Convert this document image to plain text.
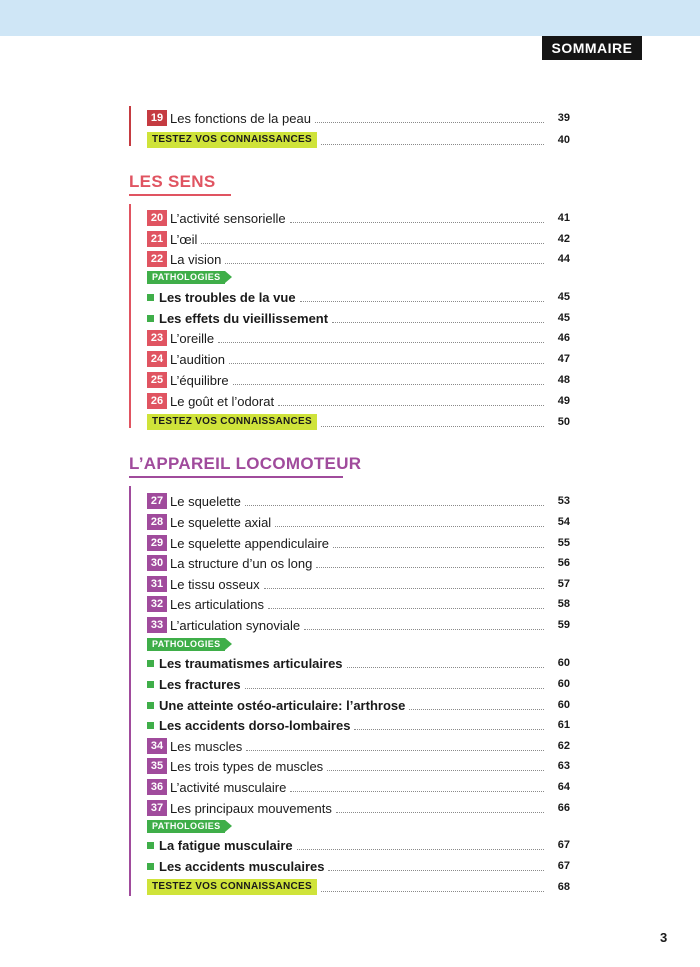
SOMMAIRE
19 Les fonctions de la peau	39
TESTEZ VOS CONNAISSANCES	40
LES SENS
20 L’activité sensorielle	41
21 L’œil	42
22 La vision	44
PATHOLOGIES
Les troubles de la vue	45
Les effets du vieillissement	45
23 L’oreille	46
24 L’audition	47
25 L’équilibre	48
26 Le goût et l’odorat	49
TESTEZ VOS CONNAISSANCES	50
L’APPAREIL LOCOMOTEUR
27 Le squelette	53
28 Le squelette axial	54
29 Le squelette appendiculaire	55
30 La structure d’un os long	56
31 Le tissu osseux	57
32 Les articulations	58
33 L’articulation synoviale	59
PATHOLOGIES
Les traumatismes articulaires	60
Les fractures	60
Une atteinte ostéo-articulaire: l’arthrose	60
Les accidents dorso-lombaires	61
34 Les muscles	62
35 Les trois types de muscles	63
36 L’activité musculaire	64
37 Les principaux mouvements	66
PATHOLOGIES
La fatigue musculaire	67
Les accidents musculaires	67
TESTEZ VOS CONNAISSANCES	68
3
